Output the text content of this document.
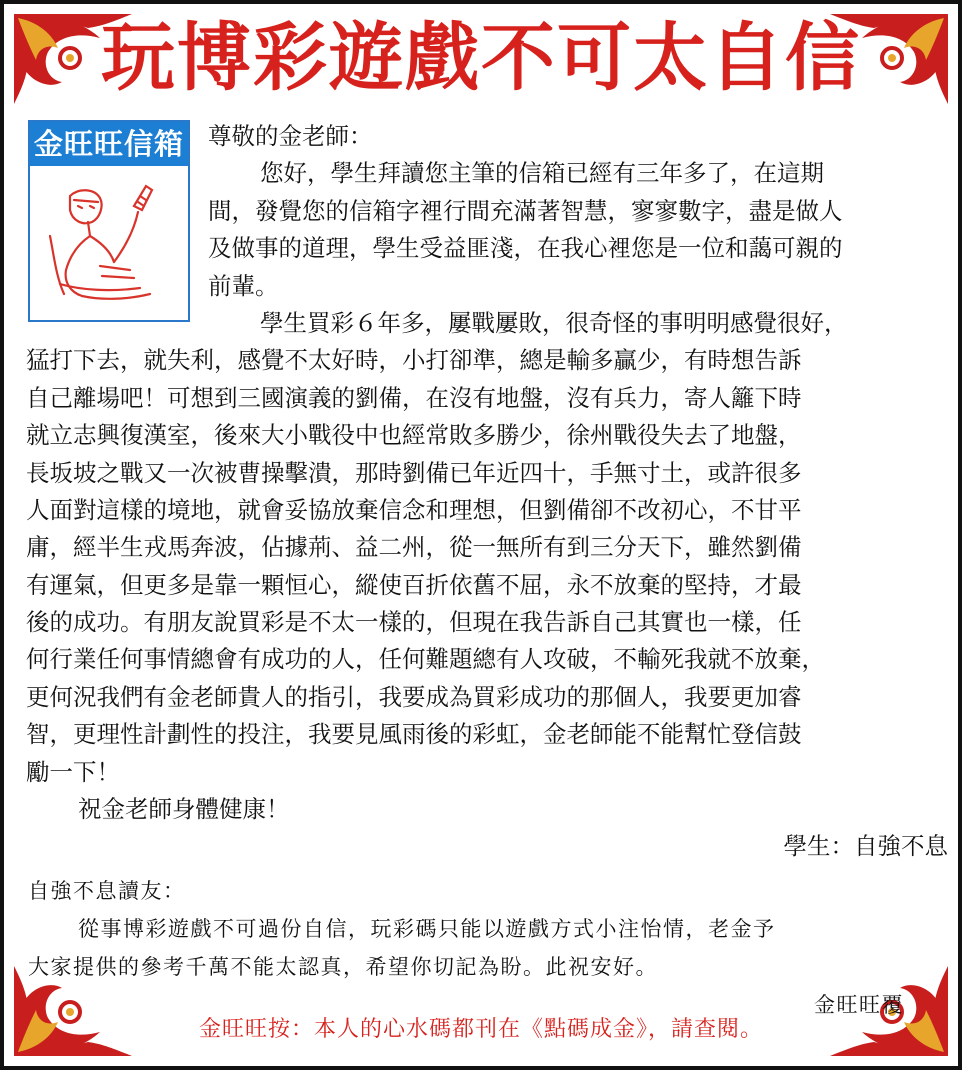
玩博彩遊戲不可太自信
金旺旺信箱	尊敬的金老師：
您好，學生拜讀您主筆的信箱已經有三年多了，在這期
間，發覺您的信箱字裡行間充滿著智慧，寥寥數字，盡是做人
及做事的道理，學生受益匪淺，在我心裡您是一位和藹可親的
前輩。
學生買彩６年多，屢戰屢敗，很奇怪的事明明感覺很好，
猛打下去，就失利，感覺不太好時，小打卻準，總是輸多贏少，有時想告訴
自己離場吧！可想到三國演義的劉備，在沒有地盤，沒有兵力，寄人籬下時
就立志興復漢室，後來大小戰役中也經常敗多勝少，徐州戰役失去了地盤，
長坂坡之戰又一次被曹操擊潰，那時劉備已年近四十，手無寸土，或許很多
人面對這樣的境地，就會妥協放棄信念和理想，但劉備卻不改初心，不甘平
庸，經半生戎馬奔波，佔據荊、益二州，從一無所有到三分天下，雖然劉備
有運氣，但更多是靠一顆恒心，縱使百折依舊不屈，永不放棄的堅持，才最
後的成功。有朋友說買彩是不太一樣的，但現在我告訴自己其實也一樣，任
何行業任何事情總會有成功的人，任何難題總有人攻破，不輸死我就不放棄，
更何況我們有金老師貴人的指引，我要成為買彩成功的那個人，我要更加睿
智，更理性計劃性的投注，我要見風雨後的彩虹，金老師能不能幫忙登信鼓
勵一下！
祝金老師身體健康！
學生：自強不息
自強不息讀友：
從事博彩遊戲不可過份自信，玩彩碼只能以遊戲方式小注怡情，老金予
大家提供的參考千萬不能太認真，希望你切記為盼。此祝安好。
金旺旺覆
金旺旺按：本人的心水碼都刊在《點碼成金》，請查閱。
